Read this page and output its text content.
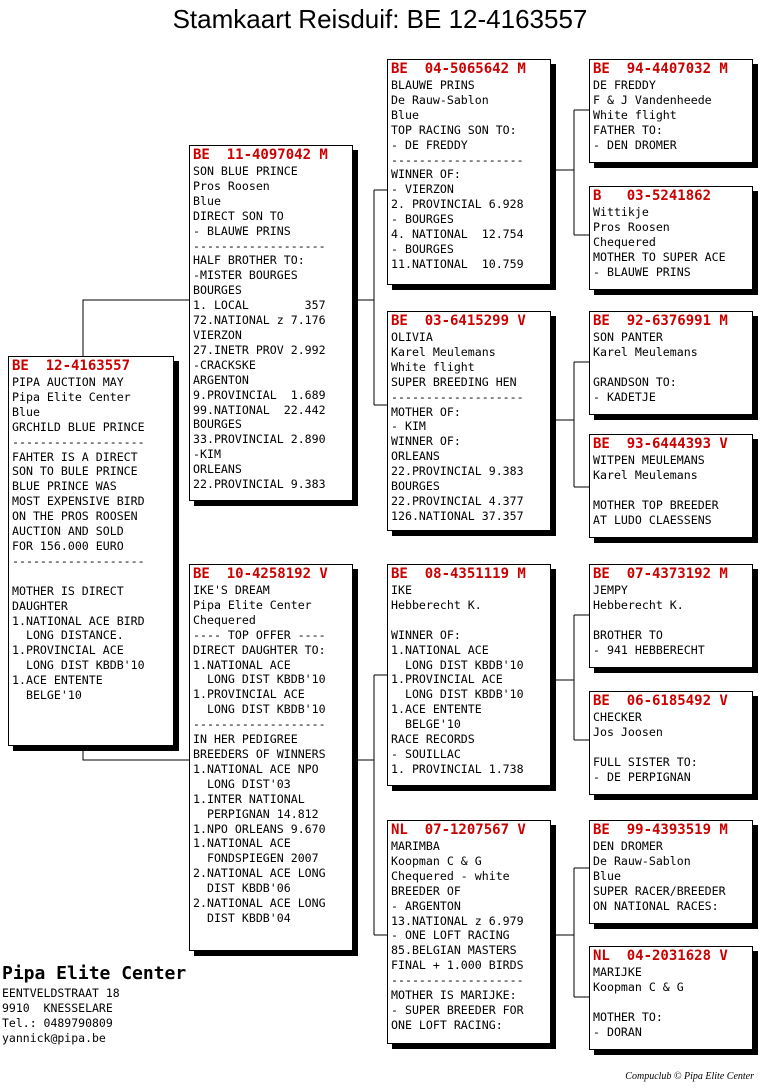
Stamkaart Reisduif: BE 12-4163557
BE  12-4163557
PIPA AUCTION MAY
Pipa Elite Center
Blue
GRCHILD BLUE PRINCE
-------------------
FAHTER IS A DIRECT
SON TO BULE PRINCE
BLUE PRINCE WAS
MOST EXPENSIVE BIRD
ON THE PROS ROOSEN
AUCTION AND SOLD
FOR 156.000 EURO
-------------------

MOTHER IS DIRECT
DAUGHTER
1.NATIONAL ACE BIRD
LONG DISTANCE.
1.PROVINCIAL ACE
LONG DIST KBDB'10
1.ACE ENTENTE
BELGE'10
BE  11-4097042 M
SON BLUE PRINCE
Pros Roosen
Blue
DIRECT SON TO
- BLAUWE PRINS
-------------------
HALF BROTHER TO:
-MISTER BOURGES
BOURGES
1. LOCAL        357
72.NATIONAL z 7.176
VIERZON
27.INETR PROV 2.992
-CRACKSKE
ARGENTON
9.PROVINCIAL  1.689
99.NATIONAL  22.442
BOURGES
33.PROVINCIAL 2.890
-KIM
ORLEANS
22.PROVINCIAL 9.383
BE  10-4258192 V
IKE'S DREAM
Pipa Elite Center
Chequered
---- TOP OFFER ----
DIRECT DAUGHTER TO:
1.NATIONAL ACE
LONG DIST KBDB'10
1.PROVINCIAL ACE
LONG DIST KBDB'10
-------------------
IN HER PEDIGREE
BREEDERS OF WINNERS
1.NATIONAL ACE NPO
LONG DIST'03
1.INTER NATIONAL
PERPIGNAN 14.812
1.NPO ORLEANS 9.670
1.NATIONAL ACE
FONDSPIEGEN 2007
2.NATIONAL ACE LONG
DIST KBDB'06
2.NATIONAL ACE LONG
DIST KBDB'04
BE  04-5065642 M
BLAUWE PRINS
De Rauw-Sablon
Blue
TOP RACING SON TO:
- DE FREDDY
-------------------
WINNER OF:
- VIERZON
2. PROVINCIAL 6.928
- BOURGES
4. NATIONAL  12.754
- BOURGES
11.NATIONAL  10.759
BE  03-6415299 V
OLIVIA
Karel Meulemans
White flight
SUPER BREEDING HEN
-------------------
MOTHER OF:
- KIM
WINNER OF:
ORLEANS
22.PROVINCIAL 9.383
BOURGES
22.PROVINCIAL 4.377
126.NATIONAL 37.357
BE  08-4351119 M
IKE
Hebberecht K.

WINNER OF:
1.NATIONAL ACE
LONG DIST KBDB'10
1.PROVINCIAL ACE
LONG DIST KBDB'10
1.ACE ENTENTE
BELGE'10
RACE RECORDS
- SOUILLAC
1. PROVINCIAL 1.738
NL  07-1207567 V
MARIMBA
Koopman C & G
Chequered - white
BREEDER OF
- ARGENTON
13.NATIONAL z 6.979
- ONE LOFT RACING
85.BELGIAN MASTERS
FINAL + 1.000 BIRDS
-------------------
MOTHER IS MARIJKE:
- SUPER BREEDER FOR
ONE LOFT RACING:
BE  94-4407032 M
DE FREDDY
F & J Vandenheede
White flight
FATHER TO:
- DEN DROMER
B   03-5241862
Wittikje
Pros Roosen
Chequered
MOTHER TO SUPER ACE
- BLAUWE PRINS
BE  92-6376991 M
SON PANTER
Karel Meulemans

GRANDSON TO:
- KADETJE
BE  93-6444393 V
WITPEN MEULEMANS
Karel Meulemans

MOTHER TOP BREEDER
AT LUDO CLAESSENS
BE  07-4373192 M
JEMPY
Hebberecht K.

BROTHER TO
- 941 HEBBERECHT
BE  06-6185492 V
CHECKER
Jos Joosen

FULL SISTER TO:
- DE PERPIGNAN
BE  99-4393519 M
DEN DROMER
De Rauw-Sablon
Blue
SUPER RACER/BREEDER
ON NATIONAL RACES:
NL  04-2031628 V
MARIJKE
Koopman C & G

MOTHER TO:
- DORAN
Pipa Elite Center
EENTVELDSTRAAT 18
9910  KNESSELARE
Tel.: 0489790809
yannick@pipa.be
Compuclub © Pipa Elite Center
